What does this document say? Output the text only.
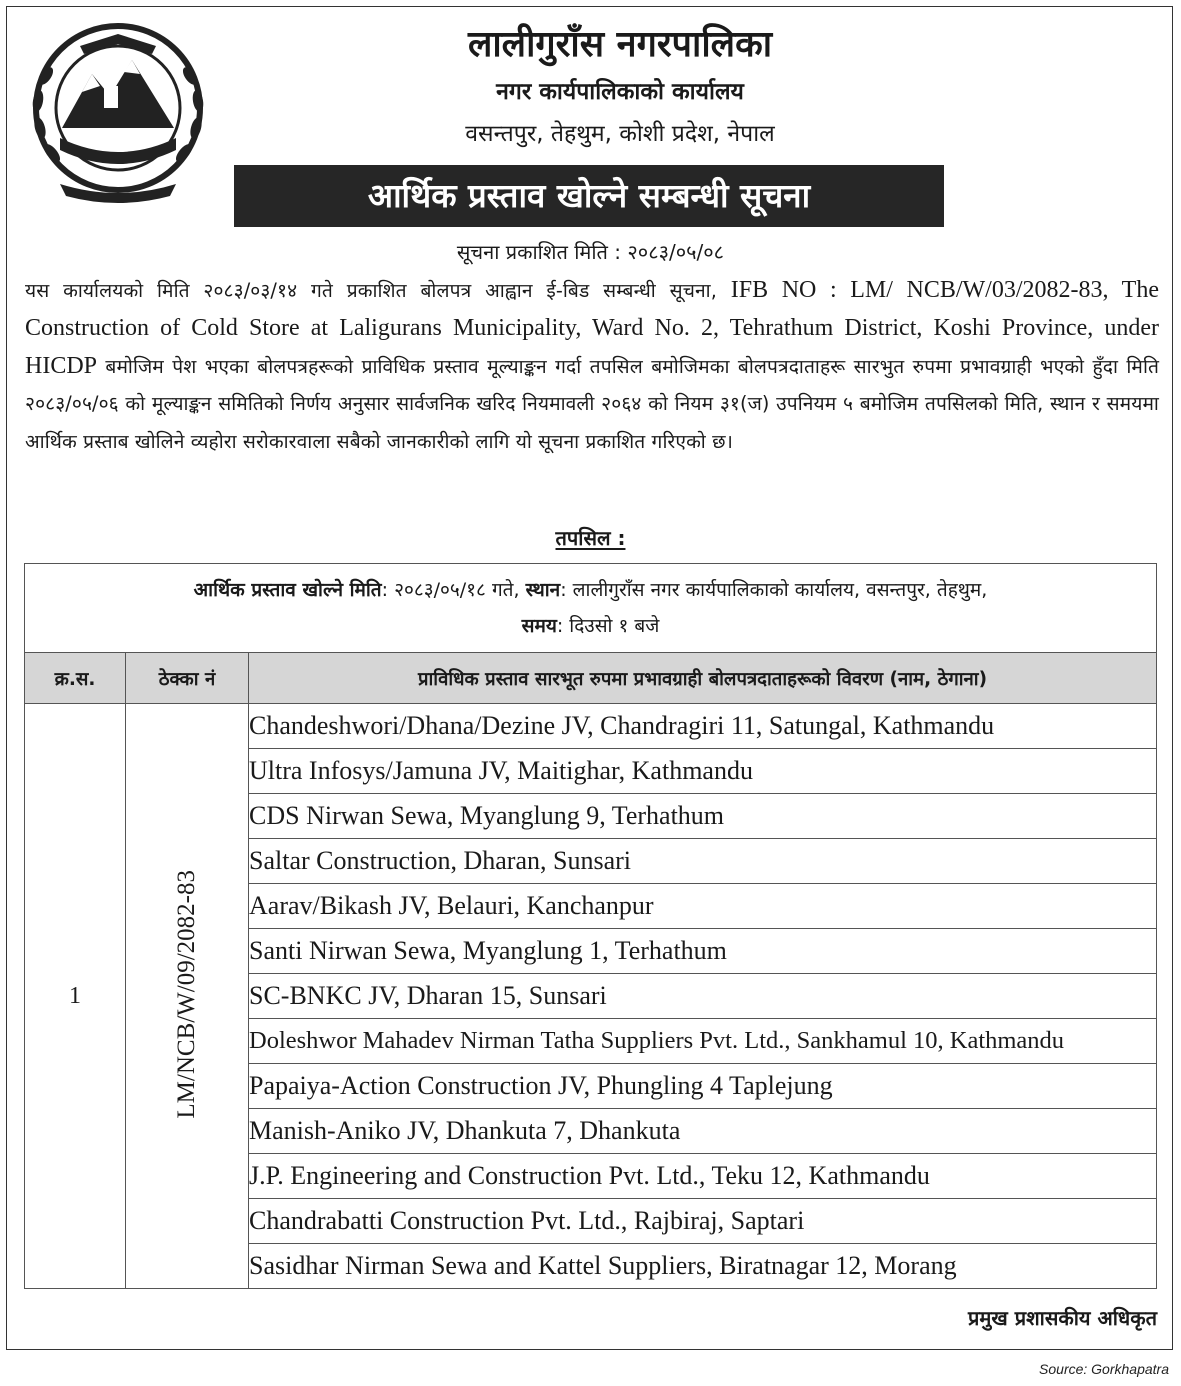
लालीगुराँस नगरपालिका
नगर कार्यपालिकाको कार्यालय
वसन्तपुर, तेहथुम, कोशी प्रदेश, नेपाल
आर्थिक प्रस्ताव खोल्ने सम्बन्धी सूचना
सूचना प्रकाशित मिति : २०८३/०५/०८
यस कार्यालयको मिति २०८३/०३/१४ गते प्रकाशित बोलपत्र आह्वान ई-बिड सम्बन्धी सूचना, IFB NO : LM/ NCB/W/03/2082-83, The Construction of Cold Store at Laligurans Municipality, Ward No. 2, Tehrathum District, Koshi Province, under HICDP बमोजिम पेश भएका बोलपत्रहरूको प्राविधिक प्रस्ताव मूल्याङ्कन गर्दा तपसिल बमोजिमका बोलपत्रदाताहरू सारभुत रुपमा प्रभावग्राही भएको हुँदा मिति २०८३/०५/०६ को मूल्याङ्कन समितिको निर्णय अनुसार सार्वजनिक खरिद नियमावली २०६४ को नियम ३१(ज) उपनियम ५ बमोजिम तपसिलको मिति, स्थान र समयमा आर्थिक प्रस्ताब खोलिने व्यहोरा सरोकारवाला सबैको जानकारीको लागि यो सूचना प्रकाशित गरिएको छ।
तपसिल :
आर्थिक प्रस्ताव खोल्ने मिति: २०८३/०५/१८ गते, स्थान: लालीगुराँस नगर कार्यपालिकाको कार्यालय, वसन्तपुर, तेहथुम,
समय: दिउसो १ बजे		
क्र.स.	ठेक्का नं	प्राविधिक प्रस्ताव सारभूत रुपमा प्रभावग्राही बोलपत्रदाताहरूको विवरण (नाम, ठेगाना)
1	LM/NCB/W/09/2082-83	Chandeshwori/Dhana/Dezine JV, Chandragiri 11, Satungal, Kathmandu
		Ultra Infosys/Jamuna JV, Maitighar, Kathmandu
		CDS Nirwan Sewa, Myanglung 9, Terhathum
		Saltar Construction, Dharan, Sunsari
		Aarav/Bikash JV, Belauri, Kanchanpur
		Santi Nirwan Sewa, Myanglung 1, Terhathum
		SC-BNKC JV, Dharan 15, Sunsari
		Doleshwor Mahadev Nirman Tatha Suppliers Pvt. Ltd., Sankhamul 10, Kathmandu
		Papaiya-Action Construction JV, Phungling 4 Taplejung
		Manish-Aniko JV, Dhankuta 7, Dhankuta
		J.P. Engineering and Construction Pvt. Ltd., Teku 12, Kathmandu
		Chandrabatti Construction Pvt. Ltd., Rajbiraj, Saptari
		Sasidhar Nirman Sewa and Kattel Suppliers, Biratnagar 12, Morang
प्रमुख प्रशासकीय अधिकृत
Source: Gorkhapatra
